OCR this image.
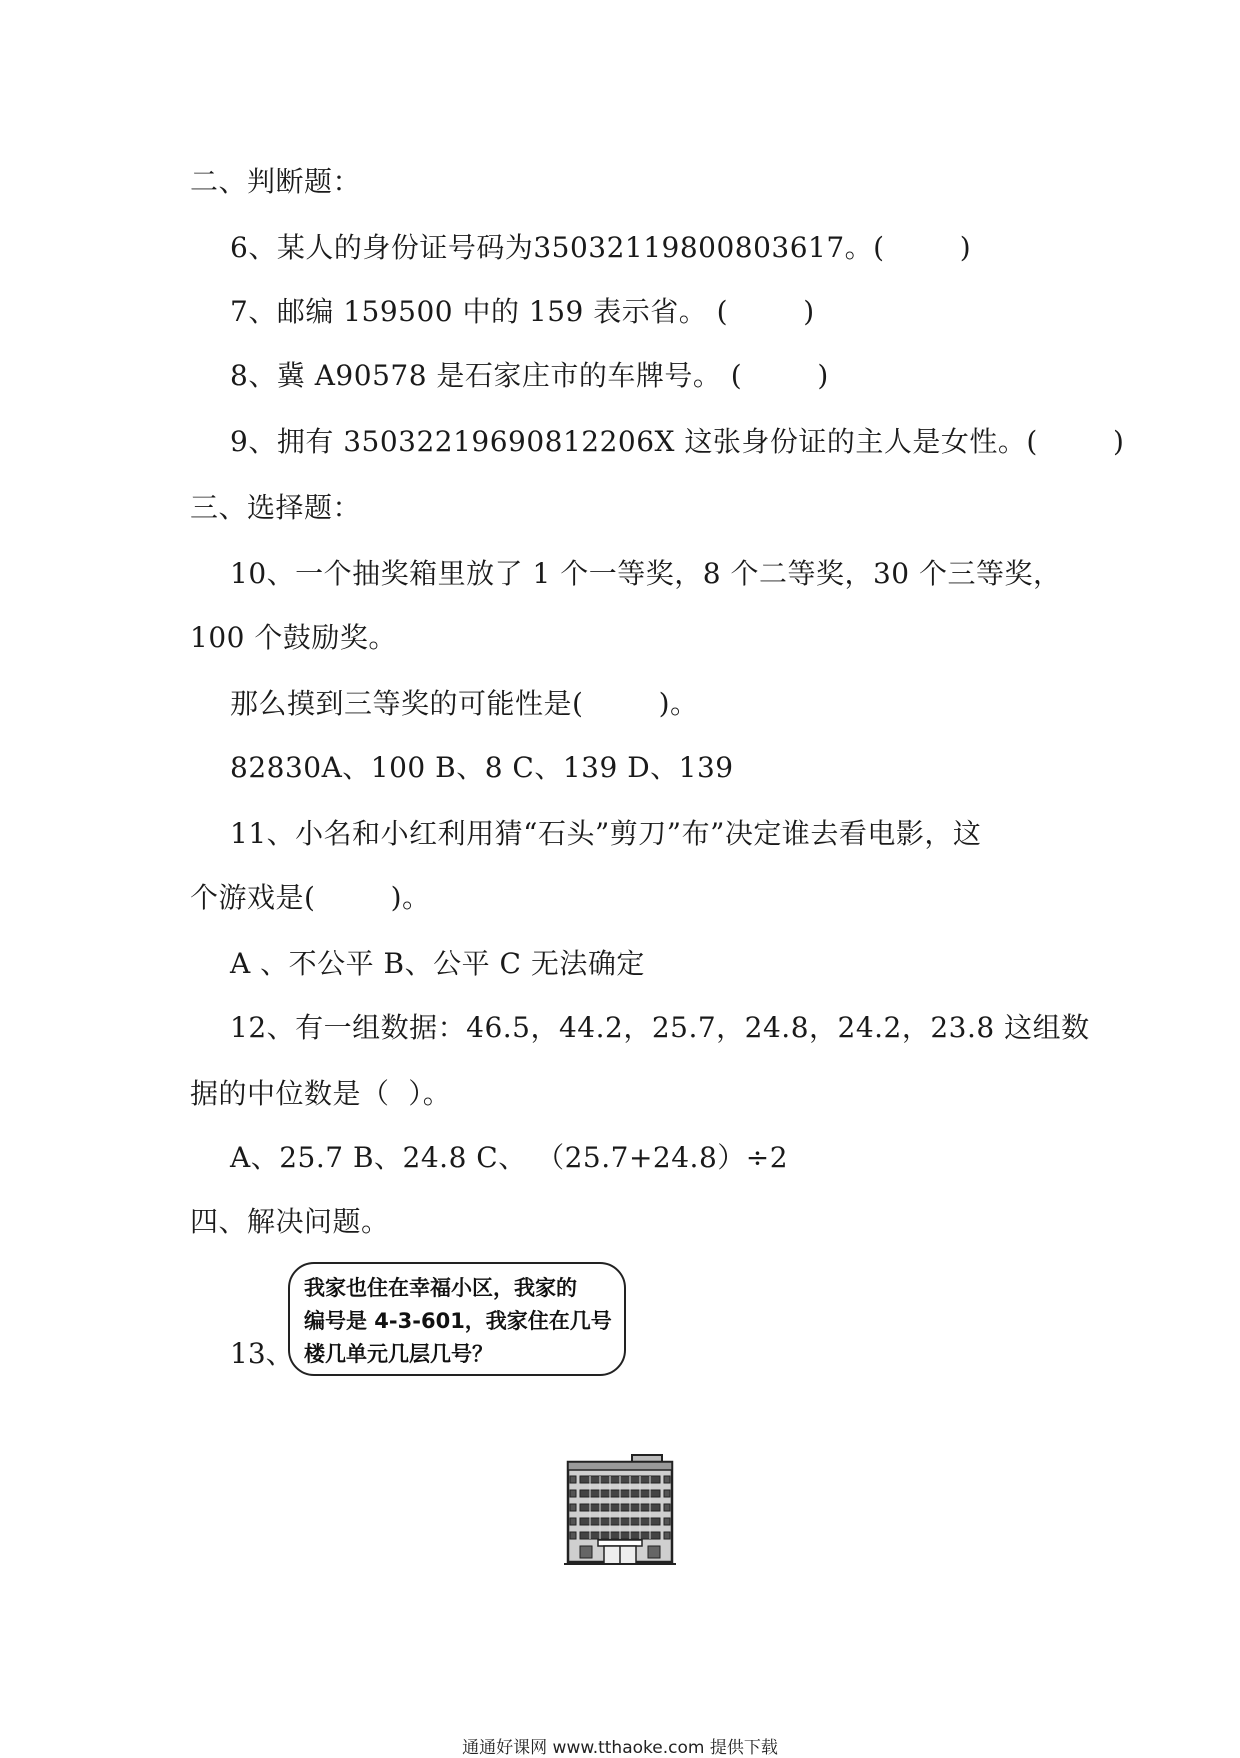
二、判断题：
6、某人的身份证号码为35032119800803617。(        )
7、邮编 159500 中的 159 表示省。 (        )
8、冀 A90578 是石家庄市的车牌号。 (        )
9、拥有 35032219690812206X 这张身份证的主人是女性。(        )
三、选择题：
10、一个抽奖箱里放了 1 个一等奖，8 个二等奖，30 个三等奖，
100 个鼓励奖。
那么摸到三等奖的可能性是(        )。
82830A、100 B、8 C、139 D、139
11、小名和小红利用猜“石头”剪刀”布”决定谁去看电影，这
个游戏是(        )。
A 、不公平 B、公平 C 无法确定
12、有一组数据：46.5，44.2，25.7，24.8，24.2，23.8 这组数
据的中位数是（  ）。
A、25.7 B、24.8 C、 （25.7+24.8）÷2
四、解决问题。
13、
我家也住在幸福小区，我家的
编号是 4-3-601，我家住在几号
楼几单元几层几号？
通通好课网 www.tthaoke.com 提供下载
